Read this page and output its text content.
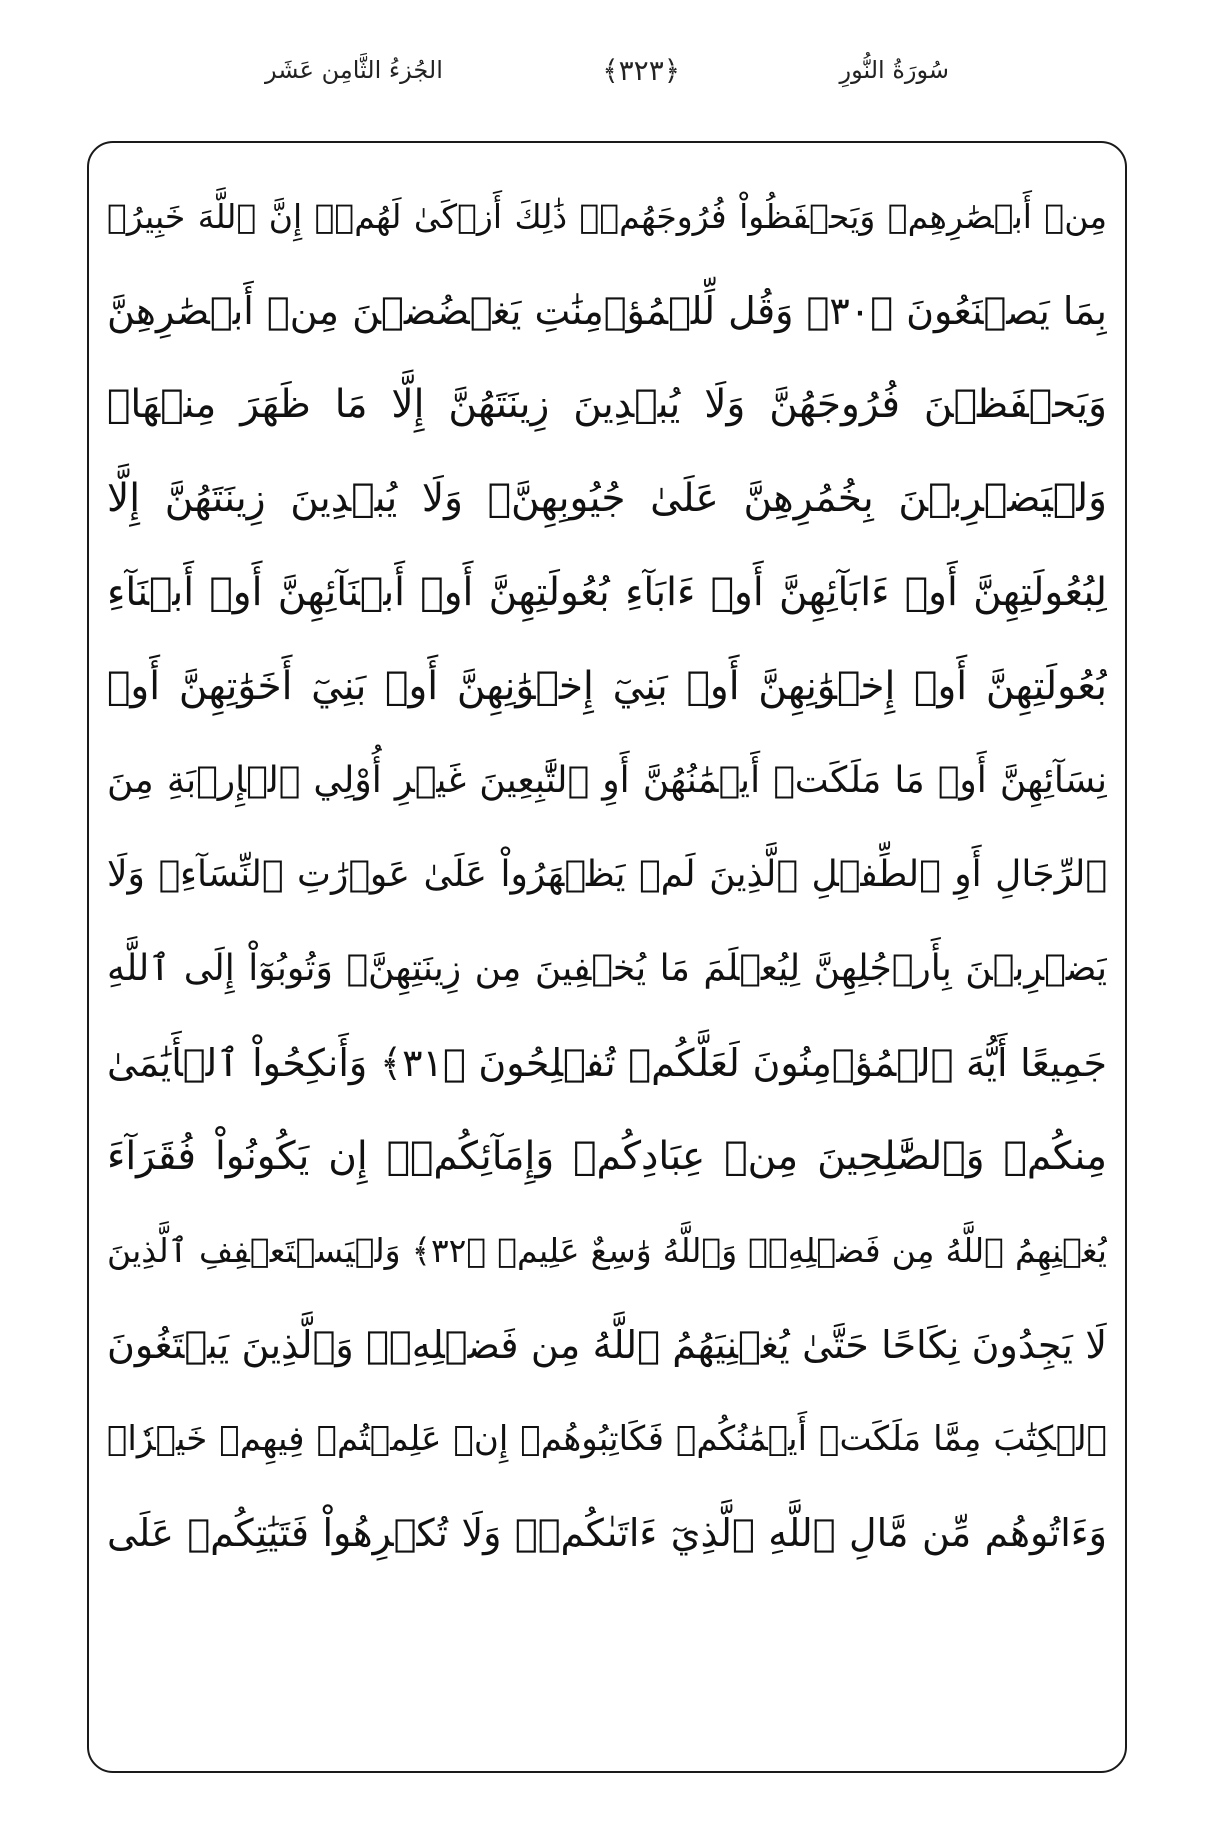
سُورَةُ النُّورِ
﴿٣٢٣﴾
الجُزءُ الثَّامِن عَشَر
مِنۡ أَبۡصَٰرِهِمۡ وَيَحۡفَظُواْ فُرُوجَهُمۡۚ ذَٰلِكَ أَزۡكَىٰ لَهُمۡۗ إِنَّ ٱللَّهَ خَبِيرُۢ
بِمَا يَصۡنَعُونَ ﴿٣٠﴾ وَقُل لِّلۡمُؤۡمِنَٰتِ يَغۡضُضۡنَ مِنۡ أَبۡصَٰرِهِنَّ
وَيَحۡفَظۡنَ فُرُوجَهُنَّ وَلَا يُبۡدِينَ زِينَتَهُنَّ إِلَّا مَا ظَهَرَ مِنۡهَاۖ
وَلۡيَضۡرِبۡنَ بِخُمُرِهِنَّ عَلَىٰ جُيُوبِهِنَّۖ وَلَا يُبۡدِينَ زِينَتَهُنَّ إِلَّا
لِبُعُولَتِهِنَّ أَوۡ ءَابَآئِهِنَّ أَوۡ ءَابَآءِ بُعُولَتِهِنَّ أَوۡ أَبۡنَآئِهِنَّ أَوۡ أَبۡنَآءِ
بُعُولَتِهِنَّ أَوۡ إِخۡوَٰنِهِنَّ أَوۡ بَنِيٓ إِخۡوَٰنِهِنَّ أَوۡ بَنِيٓ أَخَوَٰتِهِنَّ أَوۡ
نِسَآئِهِنَّ أَوۡ مَا مَلَكَتۡ أَيۡمَٰنُهُنَّ أَوِ ٱلتَّٰبِعِينَ غَيۡرِ أُوْلِي ٱلۡإِرۡبَةِ مِنَ
ٱلرِّجَالِ أَوِ ٱلطِّفۡلِ ٱلَّذِينَ لَمۡ يَظۡهَرُواْ عَلَىٰ عَوۡرَٰتِ ٱلنِّسَآءِۖ وَلَا
يَضۡرِبۡنَ بِأَرۡجُلِهِنَّ لِيُعۡلَمَ مَا يُخۡفِينَ مِن زِينَتِهِنَّۚ وَتُوبُوٓاْ إِلَى ٱللَّهِ
جَمِيعًا أَيُّهَ ٱلۡمُؤۡمِنُونَ لَعَلَّكُمۡ تُفۡلِحُونَ ﴿٣١﴾ وَأَنكِحُواْ ٱلۡأَيَٰمَىٰ
مِنكُمۡ وَٱلصَّٰلِحِينَ مِنۡ عِبَادِكُمۡ وَإِمَآئِكُمۡۚ إِن يَكُونُواْ فُقَرَآءَ
يُغۡنِهِمُ ٱللَّهُ مِن فَضۡلِهِۦۗ وَٱللَّهُ وَٰسِعٌ عَلِيمٞ ﴿٣٢﴾ وَلۡيَسۡتَعۡفِفِ ٱلَّذِينَ
لَا يَجِدُونَ نِكَاحًا حَتَّىٰ يُغۡنِيَهُمُ ٱللَّهُ مِن فَضۡلِهِۦۗ وَٱلَّذِينَ يَبۡتَغُونَ
ٱلۡكِتَٰبَ مِمَّا مَلَكَتۡ أَيۡمَٰنُكُمۡ فَكَاتِبُوهُمۡ إِنۡ عَلِمۡتُمۡ فِيهِمۡ خَيۡرٗاۖ
وَءَاتُوهُم مِّن مَّالِ ٱللَّهِ ٱلَّذِيٓ ءَاتَىٰكُمۡۚ وَلَا تُكۡرِهُواْ فَتَيَٰتِكُمۡ عَلَى
